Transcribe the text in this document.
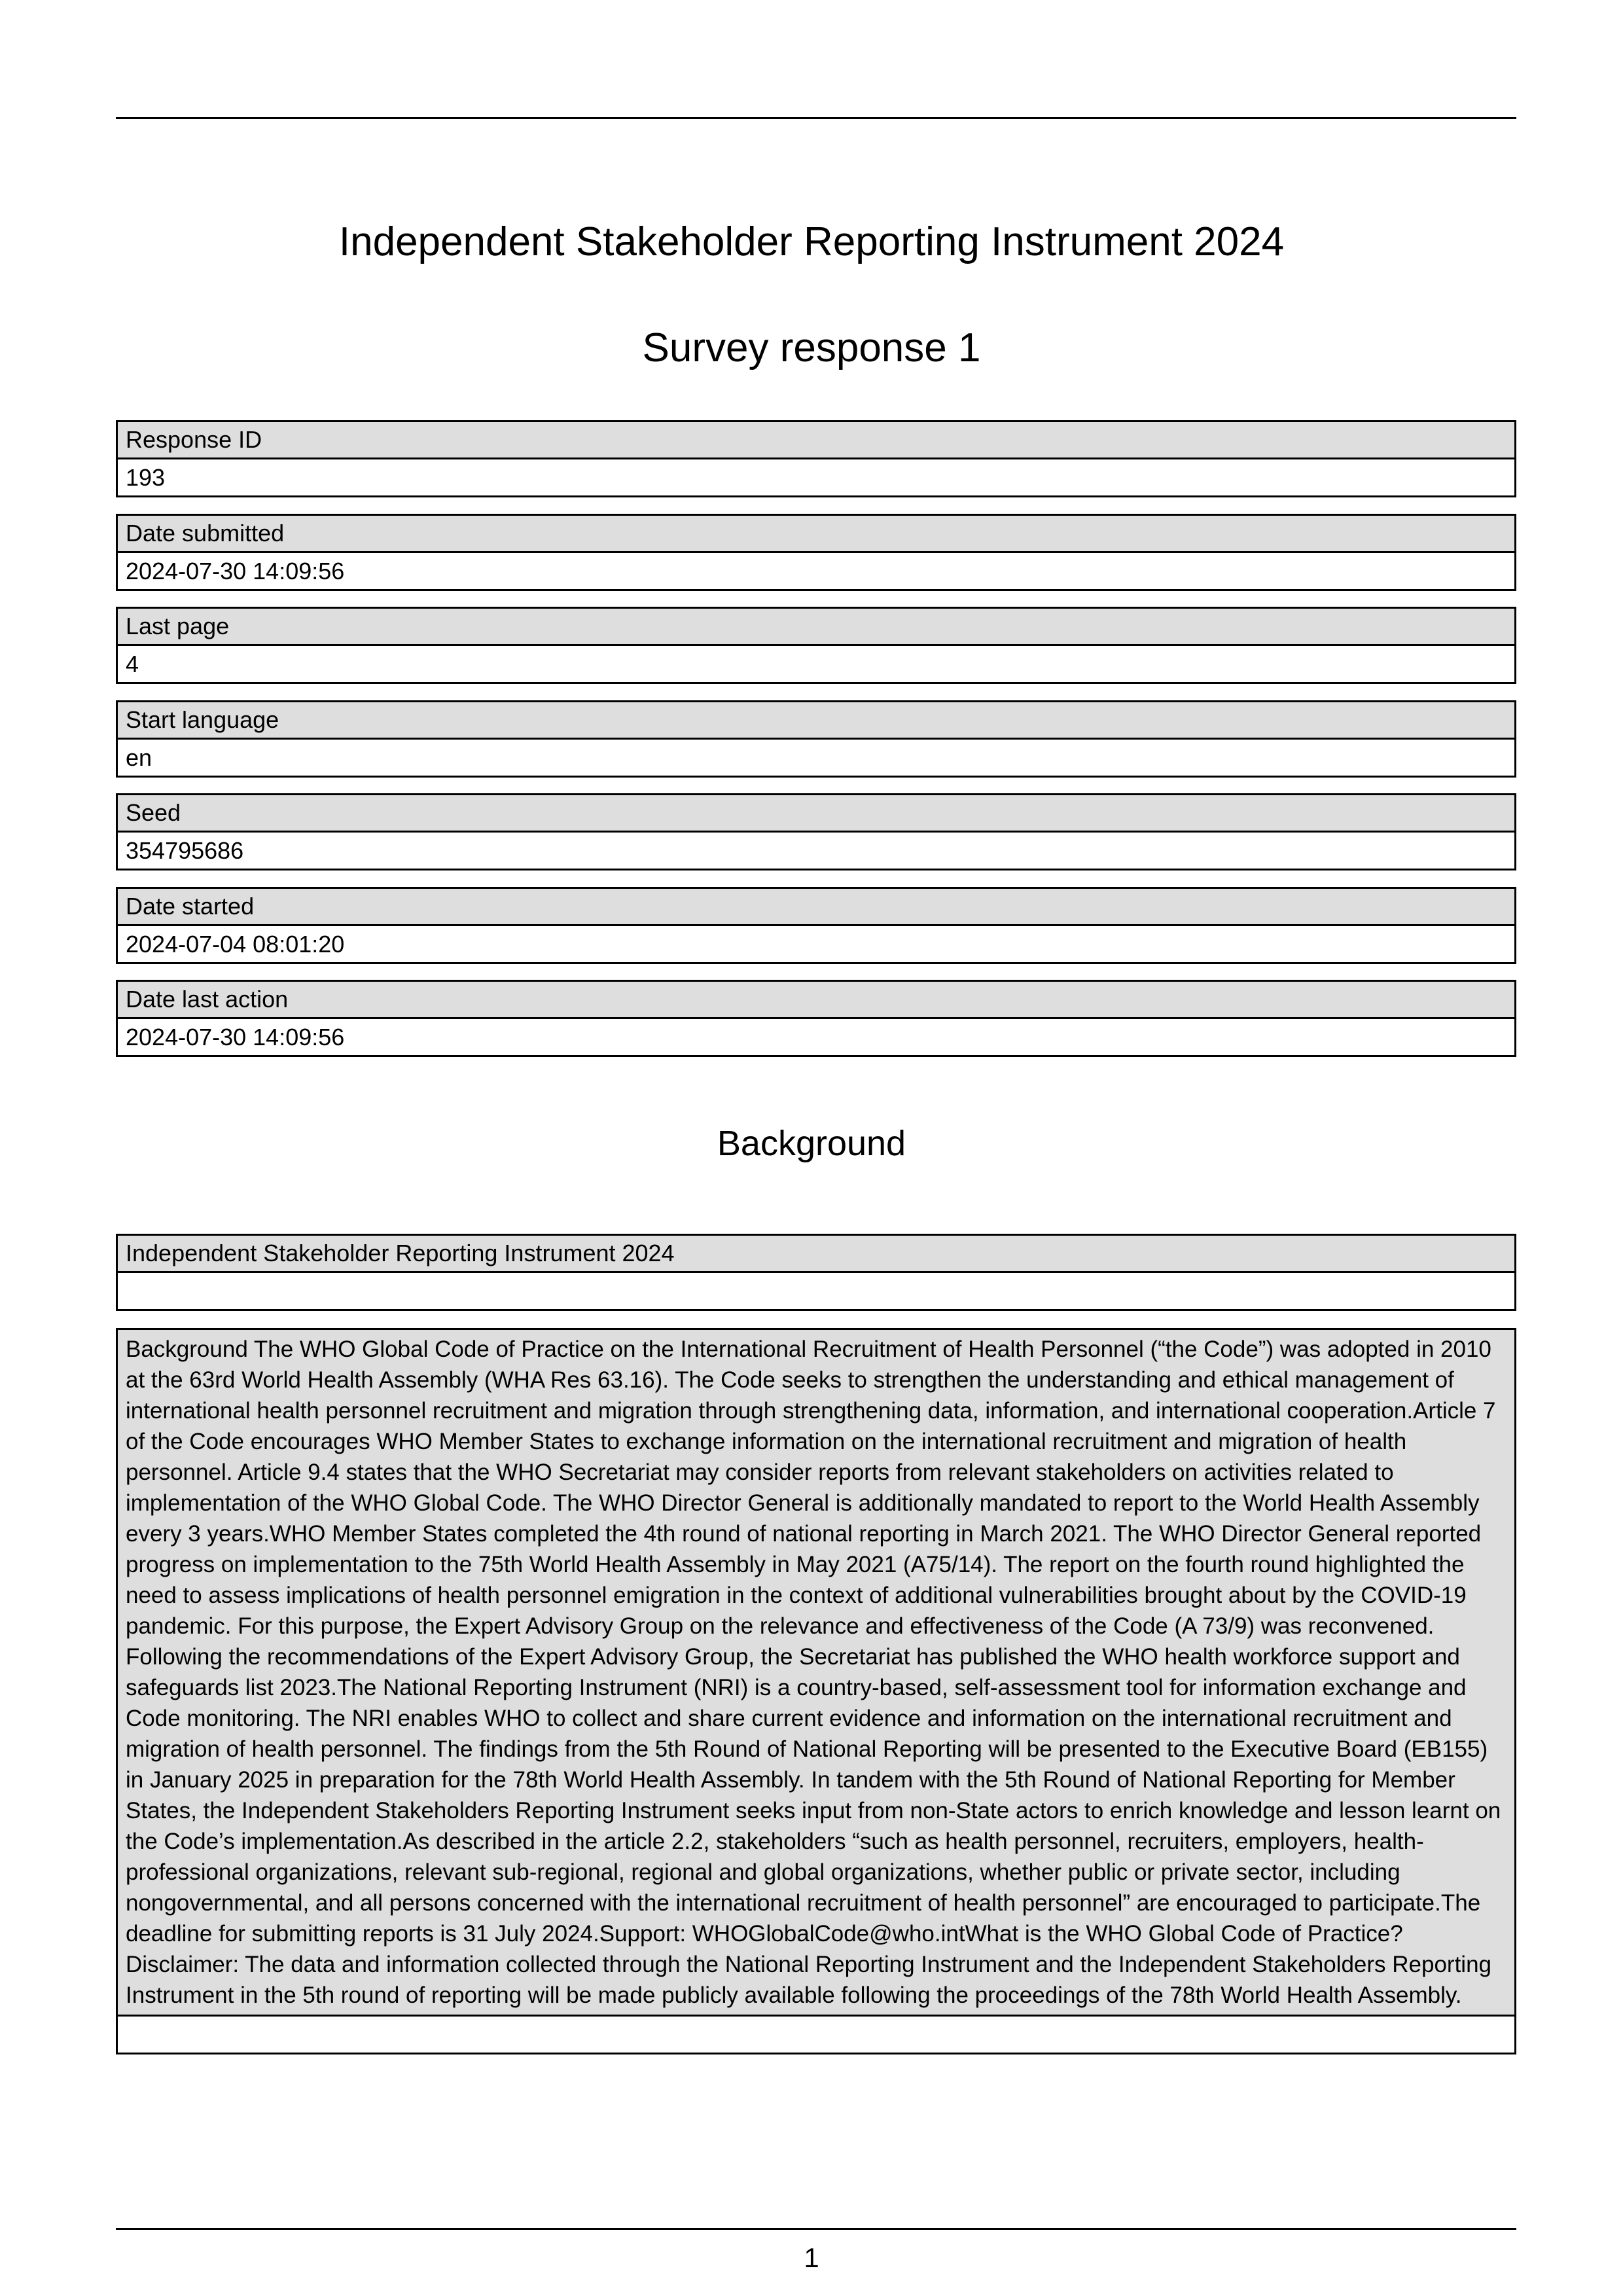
Independent Stakeholder Reporting Instrument 2024
Survey response 1
Response ID
193
Date submitted
2024-07-30 14:09:56
Last page
4
Start language
en
Seed
354795686
Date started
2024-07-04 08:01:20
Date last action
2024-07-30 14:09:56
Background
Independent Stakeholder Reporting Instrument 2024
Background The WHO Global Code of Practice on the International Recruitment of Health Personnel (“the Code”) was adopted in 2010 at the 63rd World Health Assembly (WHA Res 63.16). The Code seeks to strengthen the understanding and ethical management of international health personnel recruitment and migration through strengthening data, information, and international cooperation.Article 7 of the Code encourages WHO Member States to exchange information on the international recruitment and migration of health personnel. Article 9.4 states that the WHO Secretariat may consider reports from relevant stakeholders on activities related to implementation of the WHO Global Code. The WHO Director General is additionally mandated to report to the World Health Assembly every 3 years.WHO Member States completed the 4th round of national reporting in March 2021. The WHO Director General reported progress on implementation to the 75th World Health Assembly in May 2021 (A75/14). The report on the fourth round highlighted the need to assess implications of health personnel emigration in the context of additional vulnerabilities brought about by the COVID-19 pandemic. For this purpose, the Expert Advisory Group on the relevance and effectiveness of the Code (A 73/9) was reconvened. Following the recommendations of the Expert Advisory Group, the Secretariat has published the WHO health workforce support and safeguards list 2023.The National Reporting Instrument (NRI) is a country-based, self-assessment tool for information exchange and Code monitoring. The NRI enables WHO to collect and share current evidence and information on the international recruitment and migration of health personnel. The findings from the 5th Round of National Reporting will be presented to the Executive Board (EB155) in January 2025 in preparation for the 78th World Health Assembly. In tandem with the 5th Round of National Reporting for Member States, the Independent Stakeholders Reporting Instrument seeks input from non-State actors to enrich knowledge and lesson learnt on the Code’s implementation.As described in the article 2.2, stakeholders “such as health personnel, recruiters, employers, health-professional organizations, relevant sub-regional, regional and global organizations, whether public or private sector, including nongovernmental, and all persons concerned with the international recruitment of health personnel” are encouraged to participate.The deadline for submitting reports is 31 July 2024.Support: WHOGlobalCode@who.intWhat is the WHO Global Code of Practice? Disclaimer: The data and information collected through the National Reporting Instrument and the Independent Stakeholders Reporting Instrument in the 5th round of reporting will be made publicly available following the proceedings of the 78th World Health Assembly.
1
